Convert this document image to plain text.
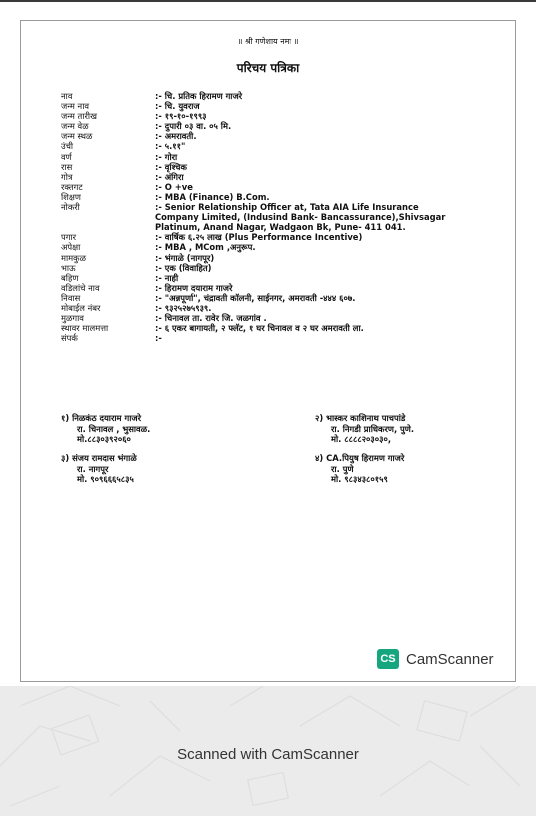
॥ श्री गणेशाय नमः ॥
परिचय पत्रिका
नाव	:- चि. प्रतिक हिरामण गाजरे
जन्म नाव	:- चि. युवराज
जन्म तारीख	:- १९-१०-१९९३
जन्म वेळ	:- दुपारी ०३ वा. ०५ मि.
जन्म स्थळ	:- अमरावती.
उंची	:- ५.११"
वर्ण	:- गोरा
रास	:- वृश्चिक
गोत्र	:- अंगिरा
रक्तगट	:- O +ve
शिक्षण	:- MBA (Finance) B.Com.
नोकरी	:- Senior Relationship Officer at, Tata AIA Life Insurance
Company Limited, (Indusind Bank- Bancassurance),Shivsagar
Platinum, Anand Nagar, Wadgaon Bk, Pune- 411 041.
पगार	:- वार्षिक ६.२५ लाख (Plus Performance Incentive)
अपेक्षा	:- MBA , MCom ,अनुरूप.
मामकुळ	:- भंगाळे (नागपूर)
भाऊ	:- एक (विवाहित)
बहिण	:- नाही
वडिलांचे नाव	:- हिरामण दयाराम गाजरे
निवास	:- "अन्नपूर्णा", चंद्रावती कॉलनी, साईनगर, अमरावती -४४४ ६०७.
मोबाईल नंबर	:- ९३२५२७५९३९.
मुळगाव	:- चिनावल ता. रावेर जि. जळगांव .
स्थावर मालमत्ता	:- ६ एकर बागायती, २ फ्लॅट, १ घर चिनावल व २ घर अमरावती ला.
संपर्क	:-
१) निळकंठ दयाराम गाजरे
रा. चिनावल , भुसावळ.
मो.८८३०३९२०६०
२) भास्कर काशिनाथ पाचपांडे
रा. निगडी प्राधिकरण, पुणे.
मो. ८८८८२०३०३०,
३) संजय रामदास भंगाळे
रा. नागपूर
मो. ९०९६६६५८३५
४) CA.पियुष हिरामण गाजरे
रा. पुणे
मो. ९८३४३८०१५९
CS CamScanner
Scanned with CamScanner
